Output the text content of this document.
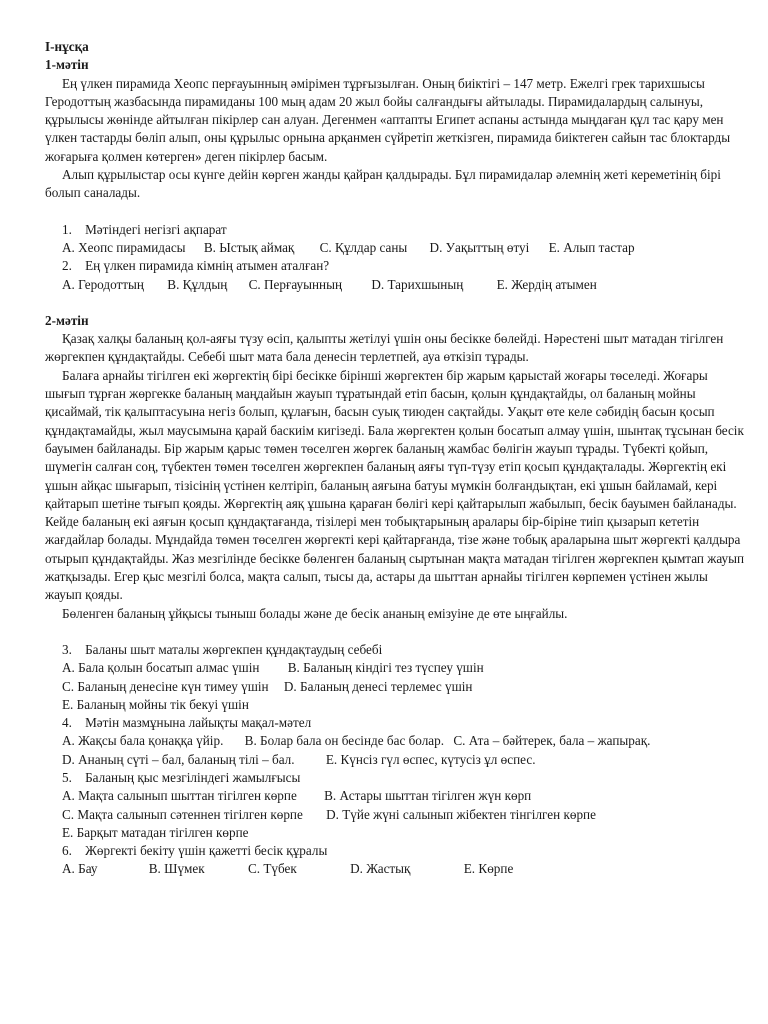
I-нұсқа
1-мәтін

Ең үлкен пирамида Хеопс перғауынның әмірімен тұрғызылған. Оның биіктігі – 147 метр. Ежелгі грек тарихшысы Геродоттың жазбасында пирамиданы 100 мың адам 20 жыл бойы салғандығы айтылады. Пирамидалардың салынуы, құрылысы жөнінде айтылған пікірлер сан алуан. Дегенмен «аптапты Египет аспаны астында мыңдаған құл тас қару мен үлкен тастарды бөліп алып, оны құрылыс орнына арқанмен сүйретіп жеткізген, пирамида биіктеген сайын тас блоктарды жоғарыға қолмен көтерген» деген пікірлер басым.

Алып құрылыстар осы күнге дейін көрген жанды қайран қалдырады. Бұл пирамидалар әлемнің жеті кереметінің бірі болып саналады.

1.    Мәтіндегі негізгі ақпарат
A. Хеопс пирамидасы B. Ыстық аймақ C. Құлдар саны D. Уақыттың өтуі E. Алып тастар
2.    Ең үлкен пирамида кімнің атымен аталған?
A. Геродоттың B. Құлдың C. Перғауынның D. Тарихшының	E. Жердің атымен
2-мәтін

Қазақ халқы баланың қол-аяғы түзу өсіп, қалыпты жетілуі үшін оны бесікке бөлейді. Нәрестені шыт матадан тігілген жөргекпен құндақтайды. Себебі шыт мата бала денесін терлетпей, ауа өткізіп тұрады.

Балаға арнайы тігілген екі жөргектің бірі бесікке бірінші жөргектен бір жарым қарыстай жоғары төселеді. Жоғары шығып тұрған жөргекке баланың маңдайын жауып тұратындай етіп басын, қолын құндақтайды, ол баланың мойны қисаймай, тік қалыптасуына негіз болып, құлағын, басын суық тиюден сақтайды. Уақыт өте келе сәбидің басын қосып құндақтамайды, жыл маусымына қарай баскиім кигізеді. Бала жөргектен қолын босатып алмау үшін, шынтақ тұсынан бесік бауымен байланады. Бір жарым қарыс төмен төселген жөргек баланың жамбас бөлігін жауып тұрады. Түбекті қойып, шүмегін салған соң, түбектен төмен төселген жөргекпен баланың аяғы түп-түзу етіп қосып құндақталады. Жөргектің екі ұшын айқас шығарып, тізісінің үстінен келтіріп, баланың аяғына батуы мүмкін болғандықтан, екі ұшын байламай, кері қайтарып шетіне тығып қояды. Жөргектің аяқ ұшына қараған бөлігі кері қайтарылып жабылып, бесік бауымен байланады. Кейде баланың екі аяғын қосып құндақтағанда, тізілері мен тобықтарының аралары бір-біріне тиіп қызарып кететін жағдайлар болады. Мұндайда төмен төселген жөргекті кері қайтарғанда, тізе және тобық араларына шыт жөргекті қалдыра отырып құндақтайды. Жаз мезгілінде бесікке бөленген баланың сыртынан мақта матадан тігілген жөргекпен қымтап жауып жатқызады. Егер қыс мезгілі болса, мақта салып, тысы да, астары да шыттан арнайы тігілген көрпемен үстінен жылы жауып қояды.

Бөленген баланың ұйқысы тыныш болады және де бесік ананың емізуіне де өте ыңғайлы.

3.    Баланы шыт маталы жөргекпен құндақтаудың себебі
A. Бала қолын босатып алмас үшін B. Баланың кіндігі тез түспеу үшін
C. Баланың денесіне күн тимеу үшін D. Баланың денесі терлемес үшін
E. Баланың мойны тік бекуі үшін
4.    Мәтін мазмұнына лайықты мақал-мәтел
A. Жақсы бала қонаққа үйір. B. Болар бала он бесінде бас болар. C. Ата – бәйтерек, бала – жапырақ.
D. Ананың сүті – бал, баланың тілі – бал. E. Күнсіз гүл өспес, күтусіз ұл өспес.
5.    Баланың қыс мезгіліндегі жамылғысы
A. Мақта салынып шыттан тігілген көрпе B. Астары шыттан тігілген жүн көрп
C. Мақта салынып сәтеннен тігілген көрпе D. Түйе жүні салынып жібектен тінгілген көрпе
E. Барқыт матадан тігілген көрпе
6.    Жөргекті бекіту үшін қажетті бесік құралы
A. Бау	B. Шүмек	C. Түбек	D. Жастық	E. Көрпе
